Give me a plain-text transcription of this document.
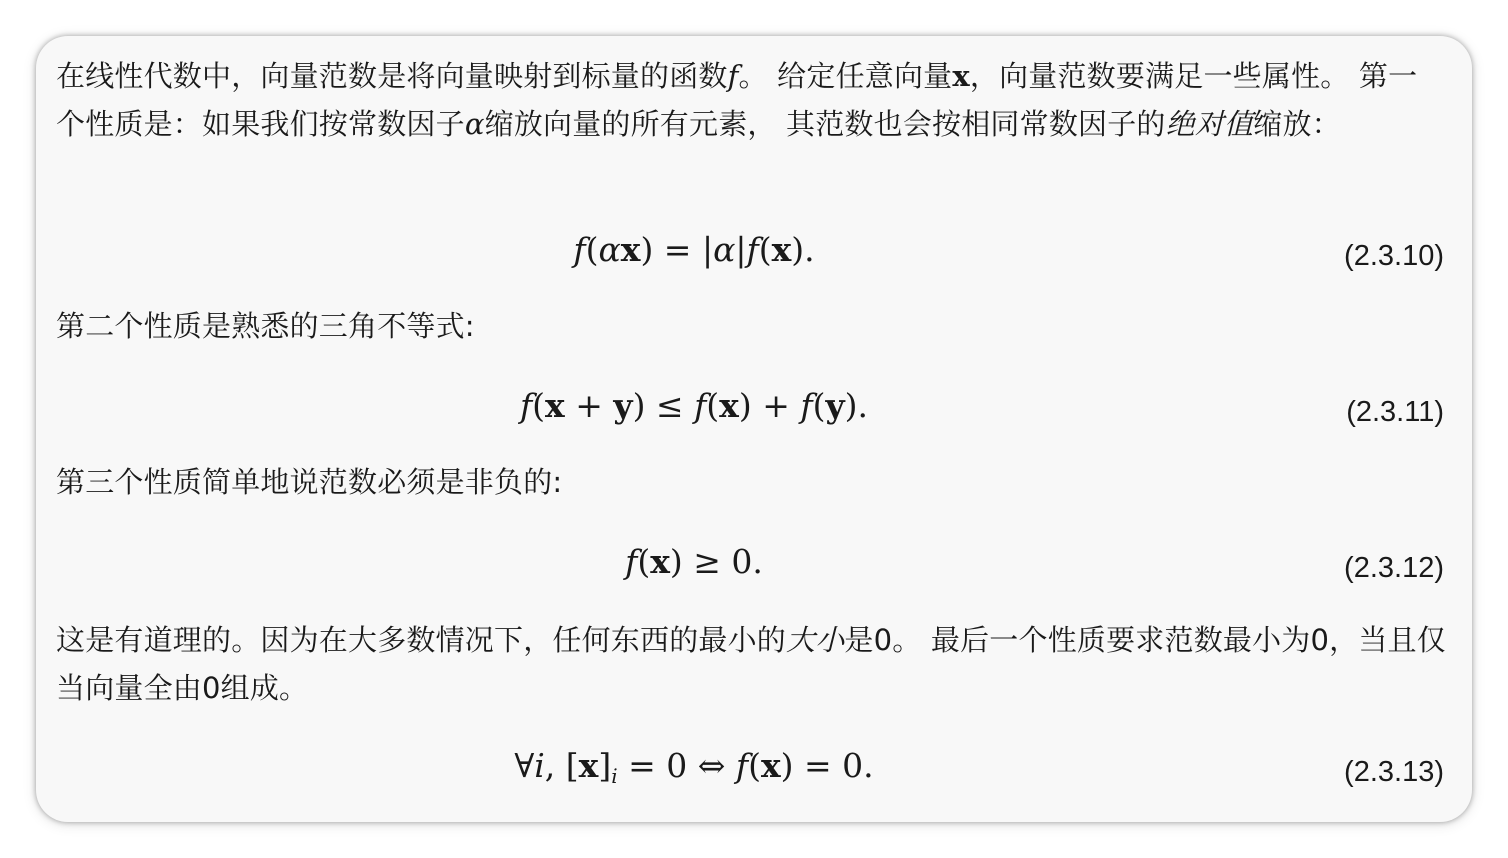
在线性代数中，向量范数是将向量映射到标量的函数f。 给定任意向量x，向量范数要满足一些属性。 第一个性质是：如果我们按常数因子α缩放向量的所有元素， 其范数也会按相同常数因子的绝对值缩放：

f(αx) = |α|f(x).	(2.3.10)

第二个性质是熟悉的三角不等式:

f(x + y) ≤ f(x) + f(y).	(2.3.11)

第三个性质简单地说范数必须是非负的:

f(x) ≥ 0.	(2.3.12)

这是有道理的。因为在大多数情况下，任何东西的最小的大小是0。 最后一个性质要求范数最小为0，当且仅当向量全由0组成。

∀i, $[x]_i = 0$ ⇔ f(x) = 0.	(2.3.13)
